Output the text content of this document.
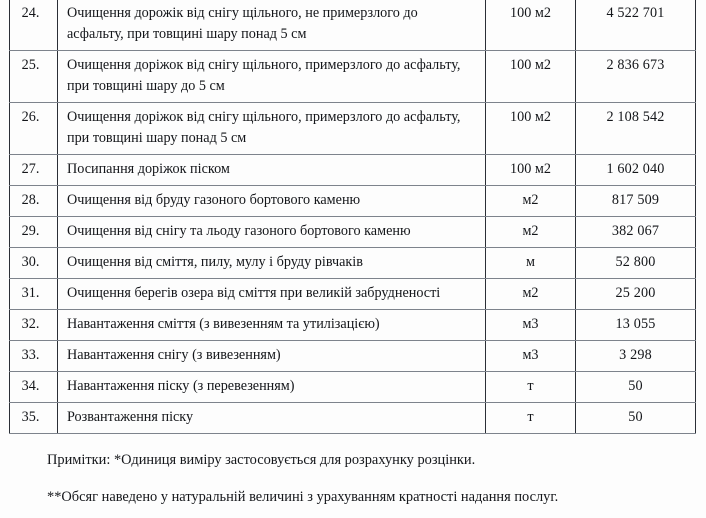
24.	Очищення дорожік від снігу щільного, не примерзлого до асфальту, при товщині шару понад 5 см	100 м2	4 522 701
25.	Очищення доріжок від снігу щільного, примерзлого до асфальту, при товщині шару до 5 см	100 м2	2 836 673
26.	Очищення доріжок від снігу щільного, примерзлого до асфальту, при товщині шару понад 5 см	100 м2	2 108 542
27.	Посипання доріжок піском	100 м2	1 602 040
28.	Очищення від бруду газоного бортового каменю	м2	817 509
29.	Очищення від снігу та льоду газоного бортового каменю	м2	382 067
30.	Очищення від сміття, пилу, мулу і бруду рівчаків	м	52 800
31.	Очищення берегів озера від сміття при великій забрудненості	м2	25 200
32.	Навантаження сміття (з вивезенням та утилізацією)	м3	13 055
33.	Навантаження снігу (з вивезенням)	м3	3 298
34.	Навантаження піску (з перевезенням)	т	50
35.	Розвантаження піску	т	50

Примітки: *Одиниця виміру застосовується для розрахунку розцінки.

**Обсяг наведено у натуральній величині з урахуванням кратності надання послуг.
